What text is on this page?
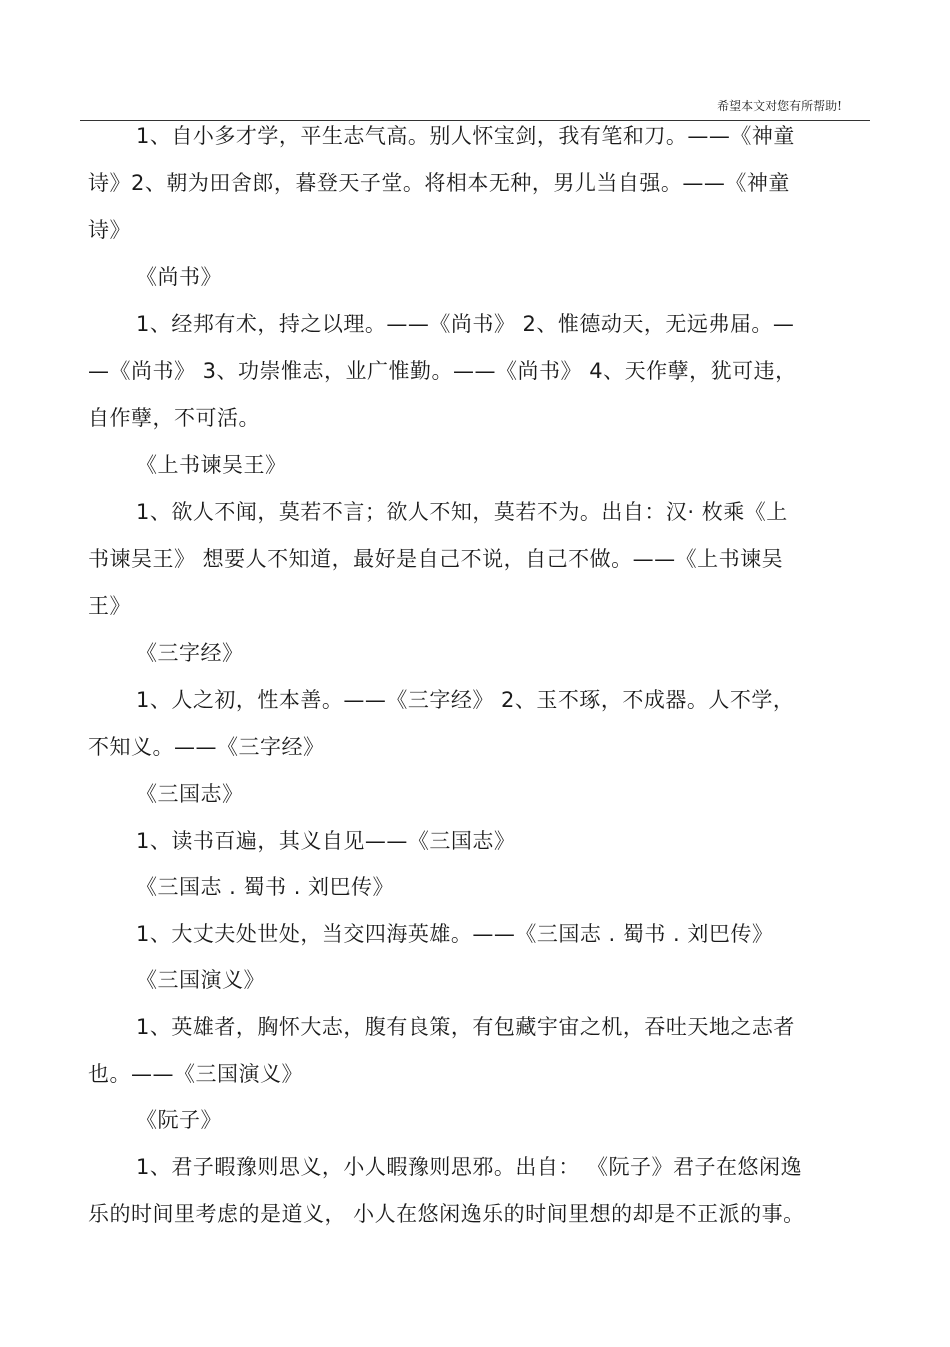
希望本文对您有所帮助!
1、自小多才学，平生志气高。别人怀宝剑，我有笔和刀。——《神童
诗》2、朝为田舍郎，暮登天子堂。将相本无种，男儿当自强。——《神童
诗》
《尚书》
1、经邦有术，持之以理。——《尚书》 2、惟德动天，无远弗届。—
—《尚书》 3、功崇惟志，业广惟勤。——《尚书》 4、天作孽，犹可违，
自作孽，不可活。
《上书谏吴王》
1、欲人不闻，莫若不言；欲人不知，莫若不为。出自：汉· 枚乘《上
书谏吴王》 想要人不知道，最好是自己不说，自己不做。——《上书谏吴
王》
《三字经》
1、人之初，性本善。——《三字经》 2、玉不琢，不成器。人不学，
不知义。——《三字经》
《三国志》
1、读书百遍，其义自见——《三国志》
《三国志 . 蜀书 . 刘巴传》
1、大丈夫处世处，当交四海英雄。——《三国志 . 蜀书 . 刘巴传》
《三国演义》
1、英雄者，胸怀大志，腹有良策，有包藏宇宙之机，吞吐天地之志者
也。——《三国演义》
《阮子》
1、君子暇豫则思义，小人暇豫则思邪。出自： 《阮子》君子在悠闲逸
乐的时间里考虑的是道义， 小人在悠闲逸乐的时间里想的却是不正派的事。
